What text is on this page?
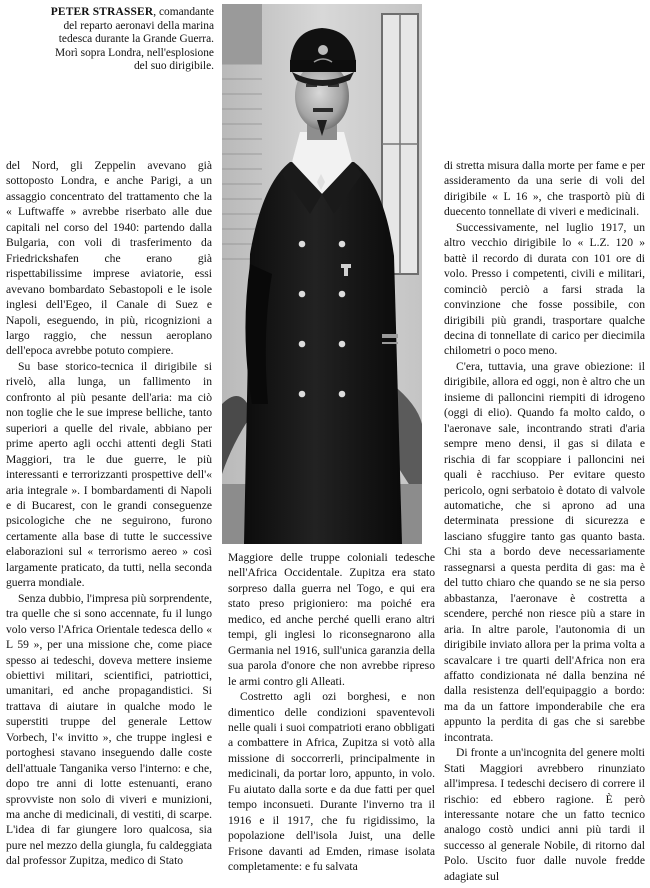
PETER STRASSER, comandante del reparto aeronavi della marina tedesca durante la Grande Guerra. Morì sopra Londra, nell'esplosione del suo dirigibile.

del Nord, gli Zeppelin avevano già sottoposto Londra, e anche Parigi, a un assaggio concentrato del trattamento che la « Luftwaffe » avrebbe riserbato alle due capitali nel corso del 1940: partendo dalla Bulgaria, con voli di trasferimento da Friedrickshafen che erano già rispettabilissime imprese aviatorie, essi avevano bombardato Sebastopoli e le isole inglesi dell'Egeo, il Canale di Suez e Napoli, eseguendo, in più, ricognizioni a largo raggio, che nessun aeroplano dell'epoca avrebbe potuto compiere.

Su base storico-tecnica il dirigibile si rivelò, alla lunga, un fallimento in confronto al più pesante dell'aria: ma ciò non toglie che le sue imprese belliche, tanto superiori a quelle del rivale, abbiano per prime aperto agli occhi attenti degli Stati Maggiori, tra le due guerre, le più interessanti e terrorizzanti prospettive dell'« aria integrale ». I bombardamenti di Napoli e di Bucarest, con le grandi conseguenze psicologiche che ne seguirono, furono certamente alla base di tutte le successive elaborazioni sul « terrorismo aereo » così largamente praticato, da tutti, nella seconda guerra mondiale.

Senza dubbio, l'impresa più sorprendente, tra quelle che si sono accennate, fu il lungo volo verso l'Africa Orientale tedesca dello « L 59 », per una missione che, come piace spesso ai tedeschi, doveva mettere insieme obiettivi militari, scientifici, patriottici, umanitari, ed anche propagandistici. Si trattava di aiutare in qualche modo le superstiti truppe del generale Lettow Vorbech, l'« invitto », che truppe inglesi e portoghesi stavano inseguendo dalle coste dell'attuale Tanganika verso l'interno: e che, dopo tre anni di lotte estenuanti, erano sprovviste non solo di viveri e munizioni, ma anche di medicinali, di vestiti, di scarpe. L'idea di far giungere loro qualcosa, sia pure nel mezzo della giungla, fu caldeggiata dal professor Zupitza, medico di Stato

Maggiore delle truppe coloniali tedesche nell'Africa Occidentale. Zupitza era stato sorpreso dalla guerra nel Togo, e qui era stato preso prigioniero: ma poiché era medico, ed anche perché quelli erano altri tempi, gli inglesi lo riconsegnarono alla Germania nel 1916, sull'unica garanzia della sua parola d'onore che non avrebbe ripreso le armi contro gli Alleati.

Costretto agli ozi borghesi, e non dimentico delle condizioni spaventevoli nelle quali i suoi compatrioti erano obbligati a combattere in Africa, Zupitza si votò alla missione di soccorrerli, principalmente in medicinali, da portar loro, appunto, in volo. Fu aiutato dalla sorte e da due fatti per quel tempo inconsueti. Durante l'inverno tra il 1916 e il 1917, che fu rigidissimo, la popolazione dell'isola Juist, una delle Frisone davanti ad Emden, rimase isolata completamente: e fu salvata

di stretta misura dalla morte per fame e per assideramento da una serie di voli del dirigibile « L 16 », che trasportò più di duecento tonnellate di viveri e medicinali.

Successivamente, nel luglio 1917, un altro vecchio dirigibile lo « L.Z. 120 » battè il recordo di durata con 101 ore di volo. Presso i competenti, civili e militari, cominciò perciò a farsi strada la convinzione che fosse possibile, con dirigibili più grandi, trasportare qualche decina di tonnellate di carico per diecimila chilometri o poco meno.

C'era, tuttavia, una grave obiezione: il dirigibile, allora ed oggi, non è altro che un insieme di palloncini riempiti di idrogeno (oggi di elio). Quando fa molto caldo, o l'aeronave sale, incontrando strati d'aria sempre meno densi, il gas si dilata e rischia di far scoppiare i palloncini nei quali è racchiuso. Per evitare questo pericolo, ogni serbatoio è dotato di valvole automatiche, che si aprono ad una determinata pressione di sicurezza e lasciano sfuggire tanto gas quanto basta. Chi sta a bordo deve necessariamente rassegnarsi a questa perdita di gas: ma è del tutto chiaro che quando se ne sia perso abbastanza, l'aeronave è costretta a scendere, perché non riesce più a stare in aria. In altre parole, l'autonomia di un dirigibile inviato allora per la prima volta a scavalcare i tre quarti dell'Africa non era affatto condizionata né dalla benzina né dalla resistenza dell'equipaggio a bordo: ma da un fattore imponderabile che era appunto la perdita di gas che si sarebbe incontrata.

Di fronte a un'incognita del genere molti Stati Maggiori avrebbero rinunziato all'impresa. I tedeschi decisero di correre il rischio: ed ebbero ragione. È però interessante notare che un fatto tecnico analogo costò undici anni più tardi il successo al generale Nobile, di ritorno dal Polo. Uscito fuor dalle nuvole fredde adagiate sul
